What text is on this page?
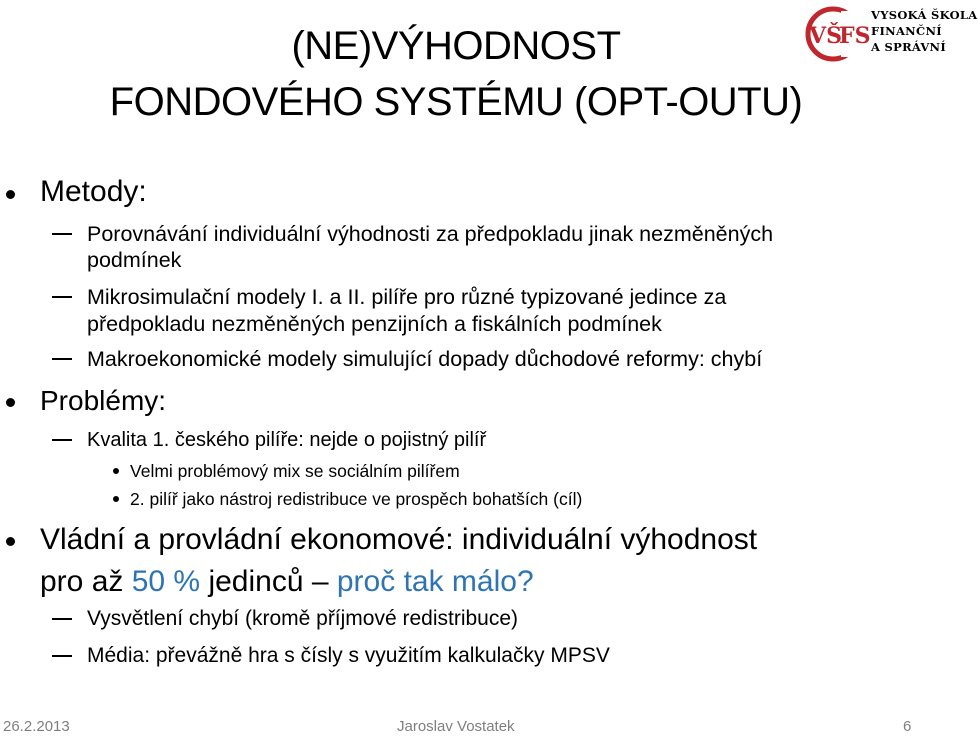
(NE)VÝHODNOST
FONDOVÉHO SYSTÉMU (OPT-OUTU)
VŠ
FS
VYSOKÁ ŠKOLA
FINANČNÍ
A SPRÁVNÍ
Metody:
Porovnávání individuální výhodnosti za předpokladu jinak nezměněných
podmínek
Mikrosimulační modely I. a II. pilíře pro různé typizované jedince za
předpokladu nezměněných penzijních a fiskálních podmínek
Makroekonomické modely simulující dopady důchodové reformy: chybí
Problémy:
Kvalita 1. českého pilíře: nejde o pojistný pilíř
Velmi problémový mix se sociálním pilířem
2. pilíř jako nástroj redistribuce ve prospěch bohatších (cíl)
Vládní a provládní ekonomové: individuální výhodnost
pro až 50 % jedinců – proč tak málo?
Vysvětlení chybí (kromě příjmové redistribuce)
Média: převážně hra s čísly s využitím kalkulačky MPSV
26.2.2013	Jaroslav Vostatek	6
